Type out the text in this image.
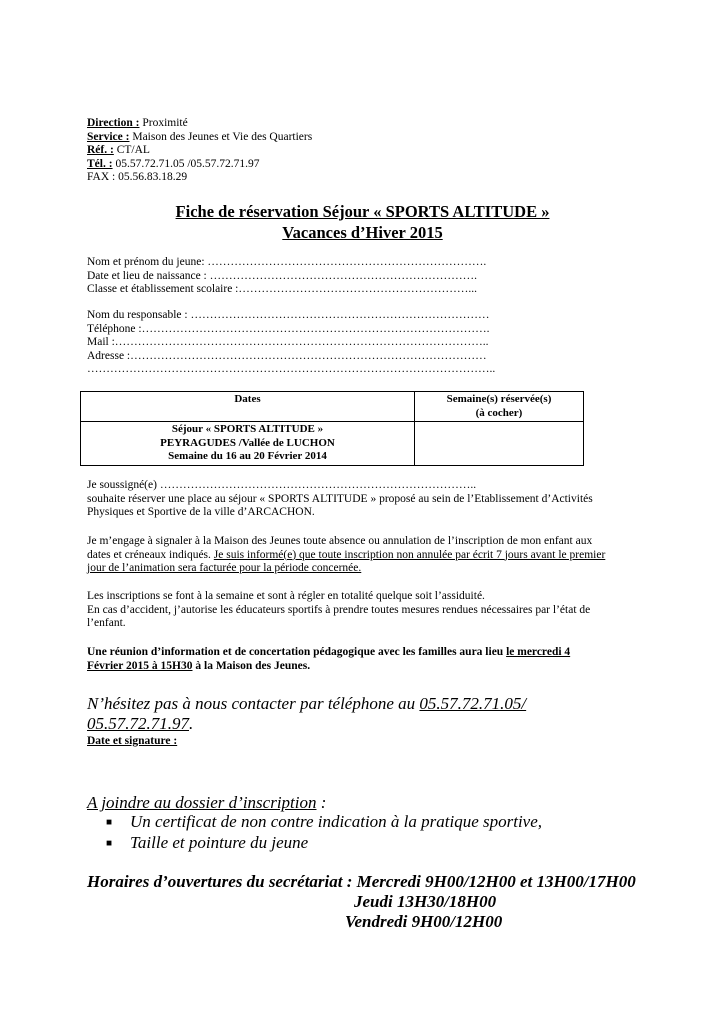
Direction : Proximité
Service : Maison des Jeunes et Vie des Quartiers
Réf. : CT/AL
Tél. : 05.57.72.71.05 /05.57.72.71.97
FAX : 05.56.83.18.29
Fiche de réservation Séjour « SPORTS ALTITUDE »
Vacances d’Hiver 2015
Nom et prénom du jeune: ……………………………………………………………….
Date et lieu de naissance : …………………………………………………………….
Classe et établissement scolaire :……………………………………………………...
Nom du responsable : ……………………………………………………………………
Téléphone :……………………………………………………………………………….
Mail :……………………………………………………………………………………..
Adresse :…………………………………………………………………………………
……………………………………………………………………………………………..
Dates	Semaine(s) réservée(s)
(à cocher)

Séjour « SPORTS ALTITUDE »
PEYRAGUDES /Vallée de LUCHON
Semaine du 16 au 20 Février 2014	

Je soussigné(e) ………………………………………………………………………..
souhaite réserver une place au séjour « SPORTS ALTITUDE » proposé au sein de l’Etablissement d’Activités
Physiques et Sportive de la ville d’ARCACHON.
Je m’engage à signaler à la Maison des Jeunes toute absence ou annulation de l’inscription de mon enfant aux
dates et créneaux indiqués. Je suis informé(e) que toute inscription non annulée par écrit 7 jours avant le premier
jour de l’animation sera facturée pour la période concernée.
Les inscriptions se font à la semaine et sont à régler en totalité quelque soit l’assiduité.
En cas d’accident, j’autorise les éducateurs sportifs à prendre toutes mesures rendues nécessaires par l’état de
l’enfant.
Une réunion d’information et de concertation pédagogique avec les familles aura lieu le mercredi 4
Février 2015 à 15H30 à la Maison des Jeunes.
N’hésitez pas à nous contacter par téléphone au 05.57.72.71.05/
05.57.72.71.97.
Date et signature :
A joindre au dossier d’inscription :
■ Un certificat de non contre indication à la pratique sportive,
■ Taille et pointure du jeune
Horaires d’ouvertures du secrétariat : Mercredi 9H00/12H00 et 13H00/17H00
Jeudi 13H30/18H00
Vendredi 9H00/12H00
